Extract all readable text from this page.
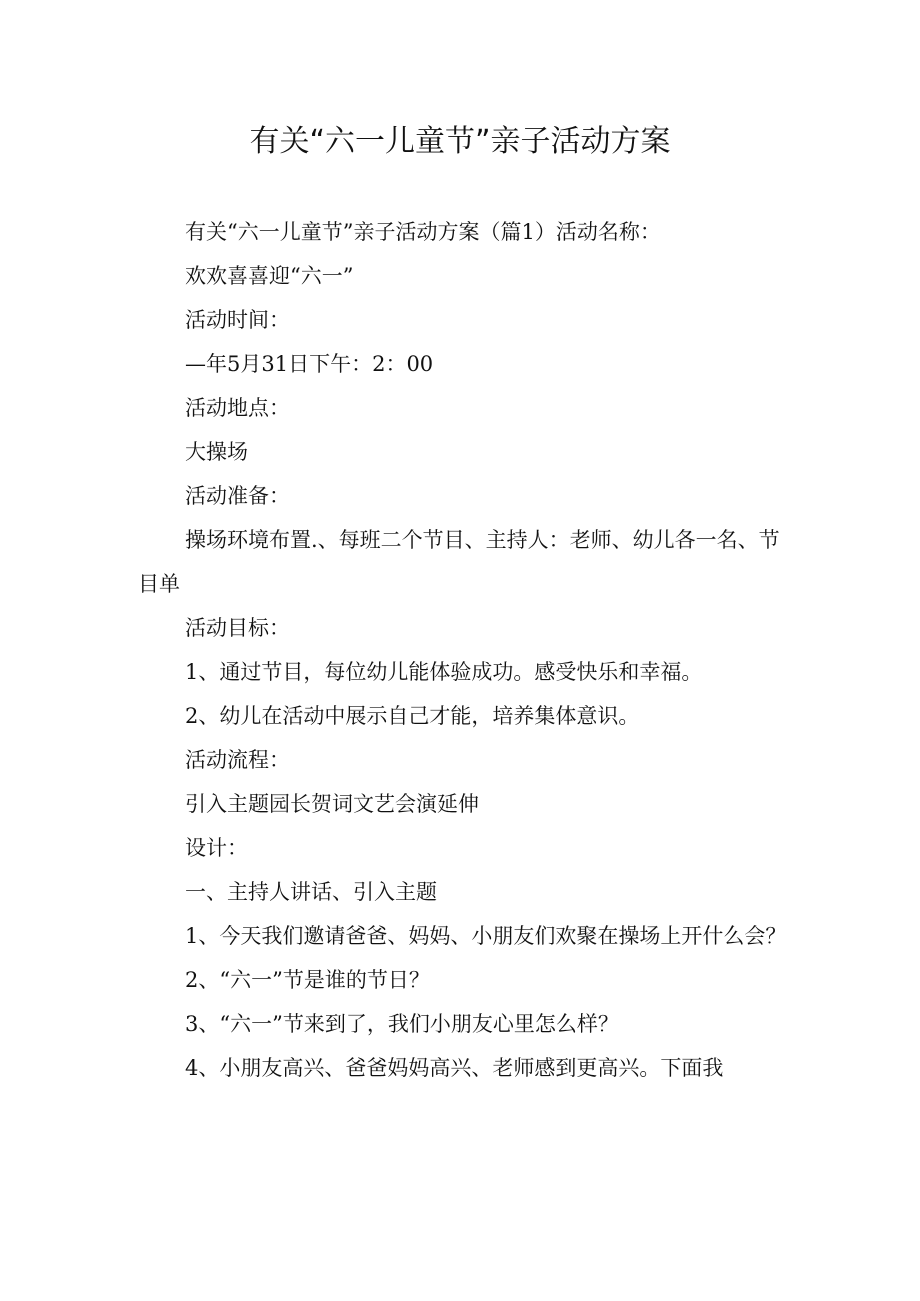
有关“六一儿童节”亲子活动方案

有关“六一儿童节”亲子活动方案（篇1）活动名称：

欢欢喜喜迎“六一”

活动时间：

—年5月31日下午：2：00

活动地点：

大操场

活动准备：

操场环境布置.、每班二个节目、主持人：老师、幼儿各一名、节目单

活动目标：

1、通过节目，每位幼儿能体验成功。感受快乐和幸福。

2、幼儿在活动中展示自己才能，培养集体意识。

活动流程：

引入主题园长贺词文艺会演延伸

设计：

一、主持人讲话、引入主题

1、今天我们邀请爸爸、妈妈、小朋友们欢聚在操场上开什么会？

2、“六一”节是谁的节日？

3、“六一”节来到了，我们小朋友心里怎么样？

4、小朋友高兴、爸爸妈妈高兴、老师感到更高兴。下面我
